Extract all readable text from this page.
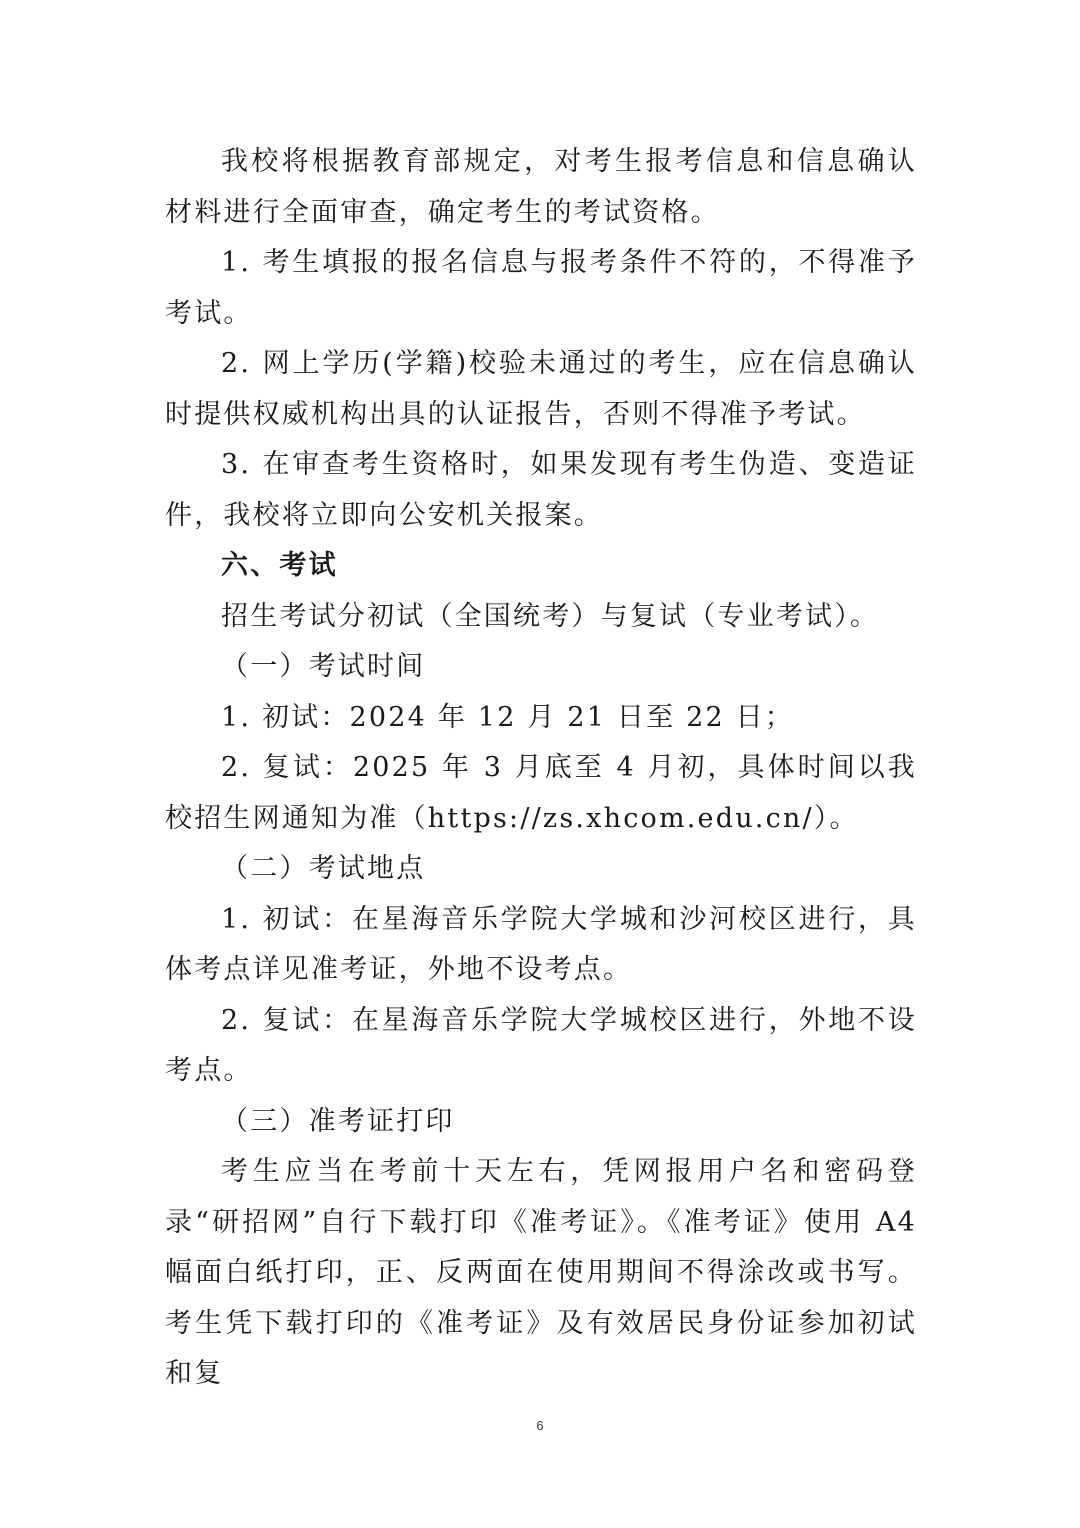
我校将根据教育部规定，对考生报考信息和信息确认材料进行全面审查，确定考生的考试资格。

1. 考生填报的报名信息与报考条件不符的，不得准予考试。

2. 网上学历(学籍)校验未通过的考生，应在信息确认时提供权威机构出具的认证报告，否则不得准予考试。

3. 在审查考生资格时，如果发现有考生伪造、变造证件，我校将立即向公安机关报案。

六、考试

招生考试分初试（全国统考）与复试（专业考试）。

（一）考试时间

1. 初试：2024 年 12 月 21 日至 22 日；

2. 复试：2025 年 3 月底至 4 月初，具体时间以我校招生网通知为准（https://zs.xhcom.edu.cn/）。

（二）考试地点

1. 初试：在星海音乐学院大学城和沙河校区进行，具体考点详见准考证，外地不设考点。

2. 复试：在星海音乐学院大学城校区进行，外地不设考点。

（三）准考证打印

考生应当在考前十天左右，凭网报用户名和密码登录“研招网”自行下载打印《准考证》。《准考证》使用 A4 幅面白纸打印，正、反两面在使用期间不得涂改或书写。考生凭下载打印的《准考证》及有效居民身份证参加初试和复

6
